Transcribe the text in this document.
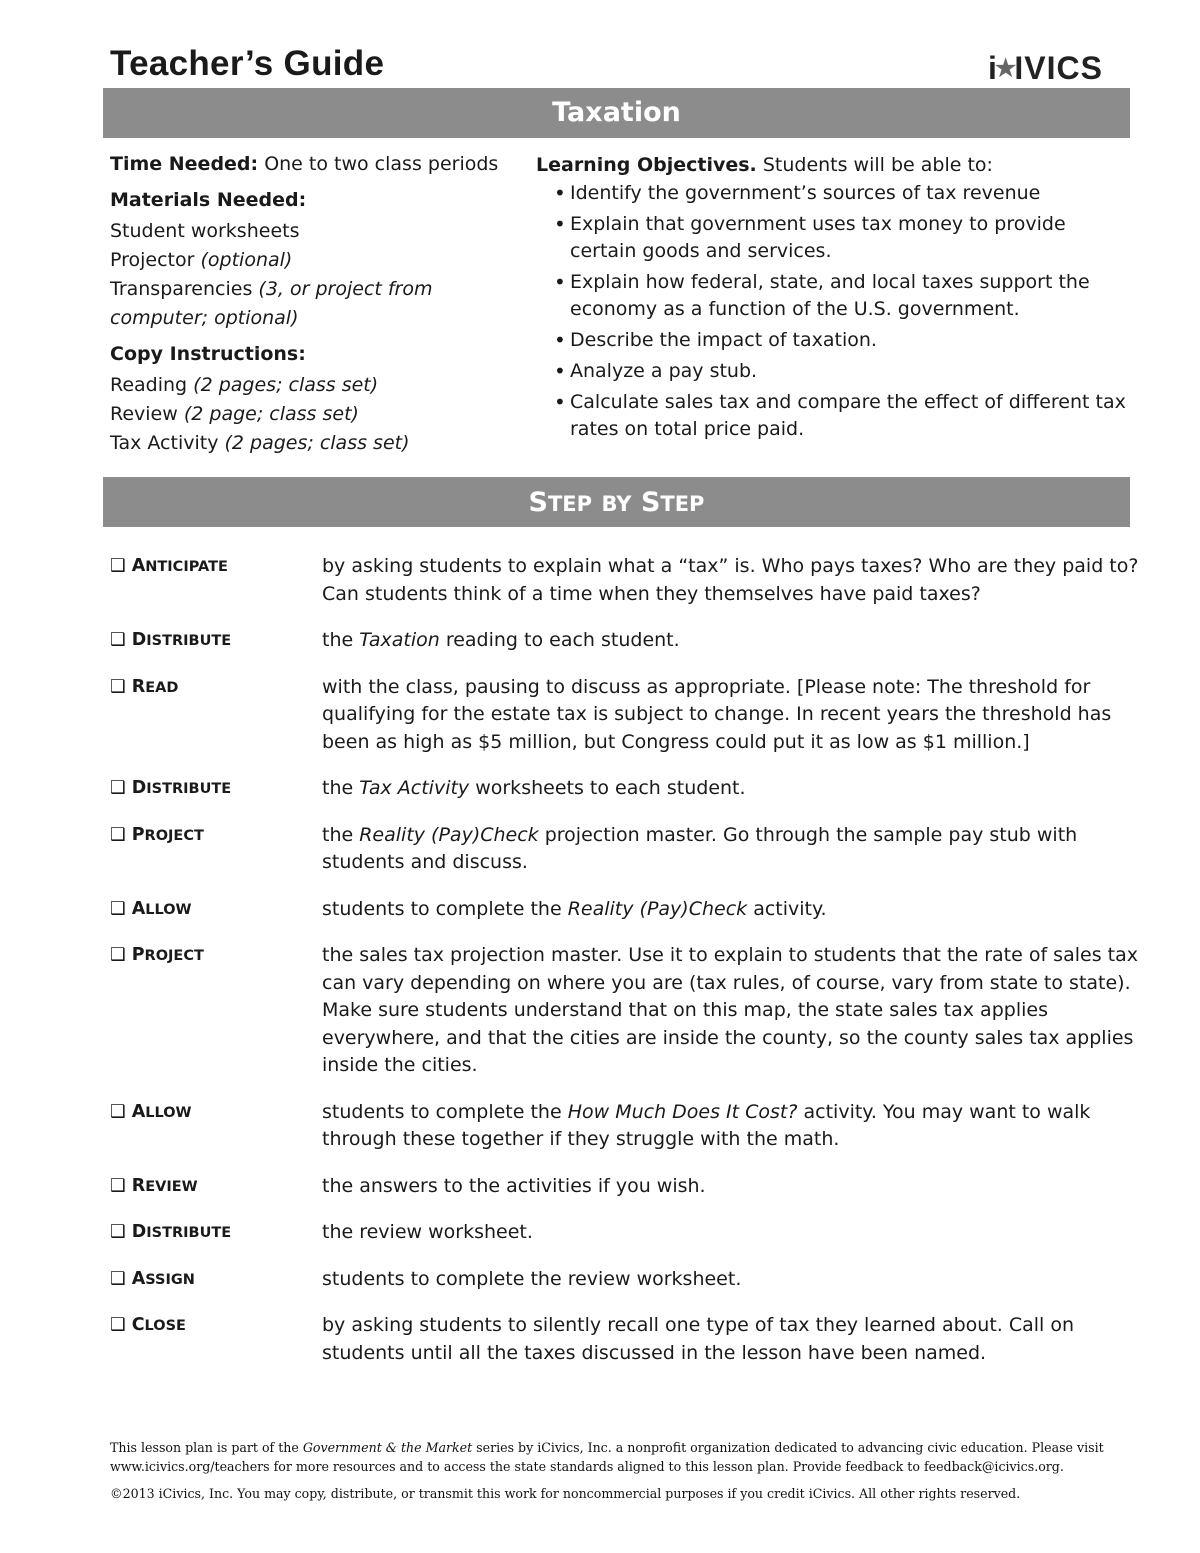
Teacher’s Guide	i★IVICS
Taxation
Time Needed: One to two class periods
Materials Needed:
Student worksheets
Projector (optional)
Transparencies (3, or project from
computer; optional)
Copy Instructions:
Reading (2 pages; class set)
Review (2 page; class set)
Tax Activity (2 pages; class set)
Learning Objectives. Students will be able to:
• Identify the government’s sources of tax revenue
• Explain that government uses tax money to provide certain goods and services.
• Explain how federal, state, and local taxes support the economy as a function of the U.S. government.
• Describe the impact of taxation.
• Analyze a pay stub.
• Calculate sales tax and compare the effect of different tax rates on total price paid.
STEP BY STEP
❑ ANTICIPATE	by asking students to explain what a “tax” is. Who pays taxes? Who are they paid to? Can students think of a time when they themselves have paid taxes?
❑ DISTRIBUTE	the Taxation reading to each student.
❑ READ	with the class, pausing to discuss as appropriate. [Please note: The threshold for qualifying for the estate tax is subject to change. In recent years the threshold has been as high as $5 million, but Congress could put it as low as $1 million.]
❑ DISTRIBUTE	the Tax Activity worksheets to each student.
❑ PROJECT	the Reality (Pay)Check projection master. Go through the sample pay stub with students and discuss.
❑ ALLOW	students to complete the Reality (Pay)Check activity.
❑ PROJECT	the sales tax projection master. Use it to explain to students that the rate of sales tax can vary depending on where you are (tax rules, of course, vary from state to state). Make sure students understand that on this map, the state sales tax applies everywhere, and that the cities are inside the county, so the county sales tax applies inside the cities.
❑ ALLOW	students to complete the How Much Does It Cost? activity. You may want to walk through these together if they struggle with the math.
❑ REVIEW	the answers to the activities if you wish.
❑ DISTRIBUTE	the review worksheet.
❑ ASSIGN	students to complete the review worksheet.
❑ CLOSE	by asking students to silently recall one type of tax they learned about. Call on students until all the taxes discussed in the lesson have been named.
This lesson plan is part of the Government & the Market series by iCivics, Inc. a nonprofit organization dedicated to advancing civic education. Please visit www.icivics.org/teachers for more resources and to access the state standards aligned to this lesson plan. Provide feedback to feedback@icivics.org.
©2013 iCivics, Inc. You may copy, distribute, or transmit this work for noncommercial purposes if you credit iCivics. All other rights reserved.
